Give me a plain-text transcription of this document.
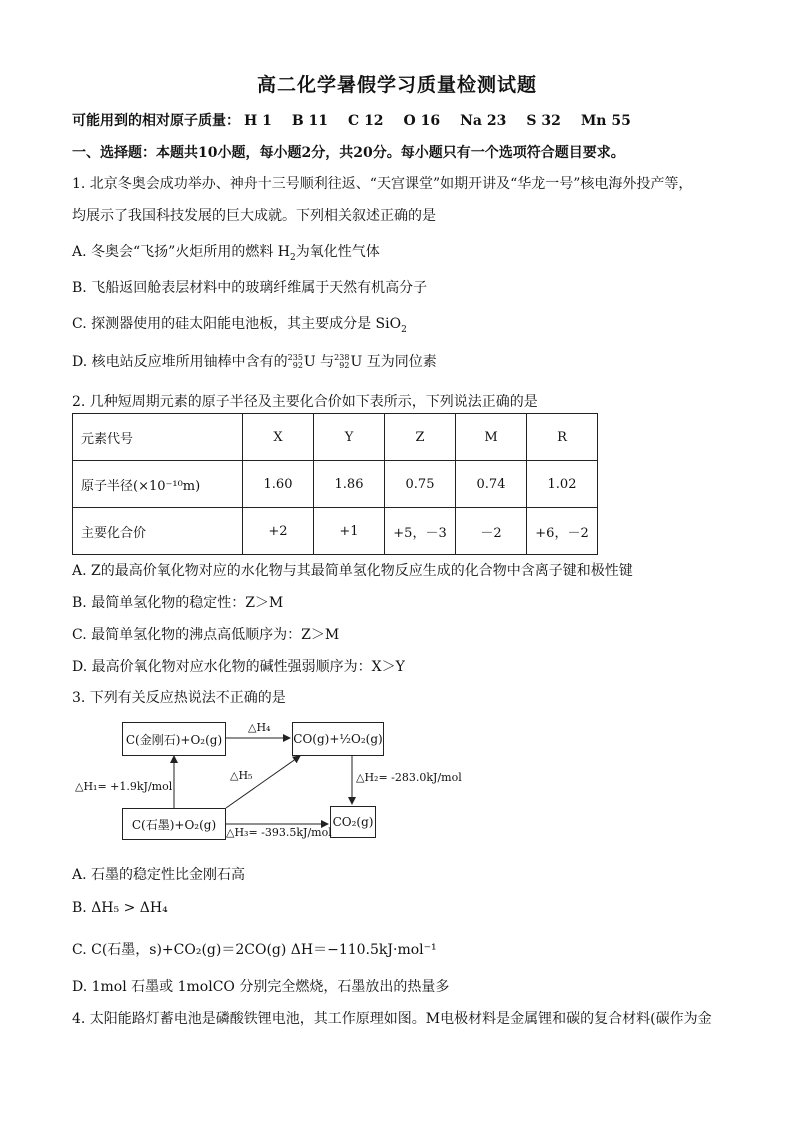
高二化学暑假学习质量检测试题
可能用到的相对原子质量： H 1 B 11 C 12 O 16 Na 23 S 32 Mn 55
一、选择题：本题共10小题，每小题2分，共20分。每小题只有一个选项符合题目要求。
1. 北京冬奥会成功举办、神舟十三号顺利往返、“天宫课堂”如期开讲及“华龙一号”核电海外投产等，
均展示了我国科技发展的巨大成就。下列相关叙述正确的是
A. 冬奥会“飞扬”火炬所用的燃料 $H_2$为氧化性气体
B. 飞船返回舱表层材料中的玻璃纤维属于天然有机高分子
C. 探测器使用的硅太阳能电池板，其主要成分是 SiO$_2$
D. 核电站反应堆所用铀棒中含有的 235
92 U 与 238
92 U 互为同位素
2. 几种短周期元素的原子半径及主要化合价如下表所示，下列说法正确的是
元素代号	X	Y	Z	M	R
原子半径(×10⁻¹⁰m)	1.60	1.86	0.75	0.74	1.02
主要化合价	+2	+1	+5，－3	－2	+6，－2
A. Z的最高价氧化物对应的水化物与其最简单氢化物反应生成的化合物中含离子键和极性键
B. 最简单氢化物的稳定性：Z＞M
C. 最简单氢化物的沸点高低顺序为：Z＞M
D. 最高价氧化物对应水化物的碱性强弱顺序为：X＞Y
3. 下列有关反应热说法不正确的是
C(金刚石)+O₂(g)	CO(g)+½O₂(g)
C(石墨)+O₂(g)	CO₂(g)
△H₄
△H₅
△H₁= +1.9kJ/mol
△H₂= -283.0kJ/mol
△H₃= -393.5kJ/mol
A. 石墨的稳定性比金刚石高
B. ΔH₅ > ΔH₄
C. C(石墨，s)+CO₂(g)＝2CO(g) ΔH＝−110.5kJ·mol⁻¹
D. 1mol 石墨或 1molCO 分别完全燃烧，石墨放出的热量多
4. 太阳能路灯蓄电池是磷酸铁锂电池，其工作原理如图。M电极材料是金属锂和碳的复合材料(碳作为金
